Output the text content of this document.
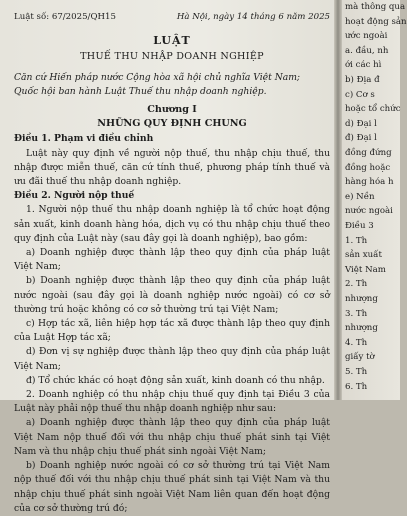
Luật số: 67/2025/QH15	Hà Nội, ngày 14 tháng 6 năm 2025

LUẬT

THUẾ THU NHẬP DOANH NGHIỆP

Căn cứ Hiến pháp nước Cộng hòa xã hội chủ nghĩa Việt Nam;

Quốc hội ban hành Luật Thuế thu nhập doanh nghiệp.

Chương I

NHỮNG QUY ĐỊNH CHUNG

Điều 1. Phạm vi điều chỉnh

Luật này quy định về người nộp thuế, thu nhập chịu thuế, thu nhập được miễn thuế, căn cứ tính thuế, phương pháp tính thuế và ưu đãi thuế thu nhập doanh nghiệp.

Điều 2. Người nộp thuế

1. Người nộp thuế thu nhập doanh nghiệp là tổ chức hoạt động sản xuất, kinh doanh hàng hóa, dịch vụ có thu nhập chịu thuế theo quy định của Luật này (sau đây gọi là doanh nghiệp), bao gồm:

a) Doanh nghiệp được thành lập theo quy định của pháp luật Việt Nam;

b) Doanh nghiệp được thành lập theo quy định của pháp luật nước ngoài (sau đây gọi là doanh nghiệp nước ngoài) có cơ sở thường trú hoặc không có cơ sở thường trú tại Việt Nam;

c) Hợp tác xã, liên hiệp hợp tác xã được thành lập theo quy định của Luật Hợp tác xã;

d) Đơn vị sự nghiệp được thành lập theo quy định của pháp luật Việt Nam;

đ) Tổ chức khác có hoạt động sản xuất, kinh doanh có thu nhập.

2. Doanh nghiệp có thu nhập chịu thuế quy định tại Điều 3 của Luật này phải nộp thuế thu nhập doanh nghiệp như sau:

a) Doanh nghiệp được thành lập theo quy định của pháp luật Việt Nam nộp thuế đối với thu nhập chịu thuế phát sinh tại Việt Nam và thu nhập chịu thuế phát sinh ngoài Việt Nam;

b) Doanh nghiệp nước ngoài có cơ sở thường trú tại Việt Nam nộp thuế đối với thu nhập chịu thuế phát sinh tại Việt Nam và thu nhập chịu thuế phát sinh ngoài Việt Nam liên quan đến hoạt động của cơ sở thường trú đó;

mà thông qua
hoạt động sản
ước ngoài
a. đầu, nh
ới các hì
b) Địa đ
c) Cơ s
hoặc tổ chức
d) Đại l
đ) Đại l
đồng đứng
đồng hoặc
hàng hóa h
e) Nền
nước ngoài
Điều 3
1. Th
sản xuất
Việt Nam
2. Th
nhượng
3. Th
nhượng
4. Th
giấy tờ
5. Th
6. Th
